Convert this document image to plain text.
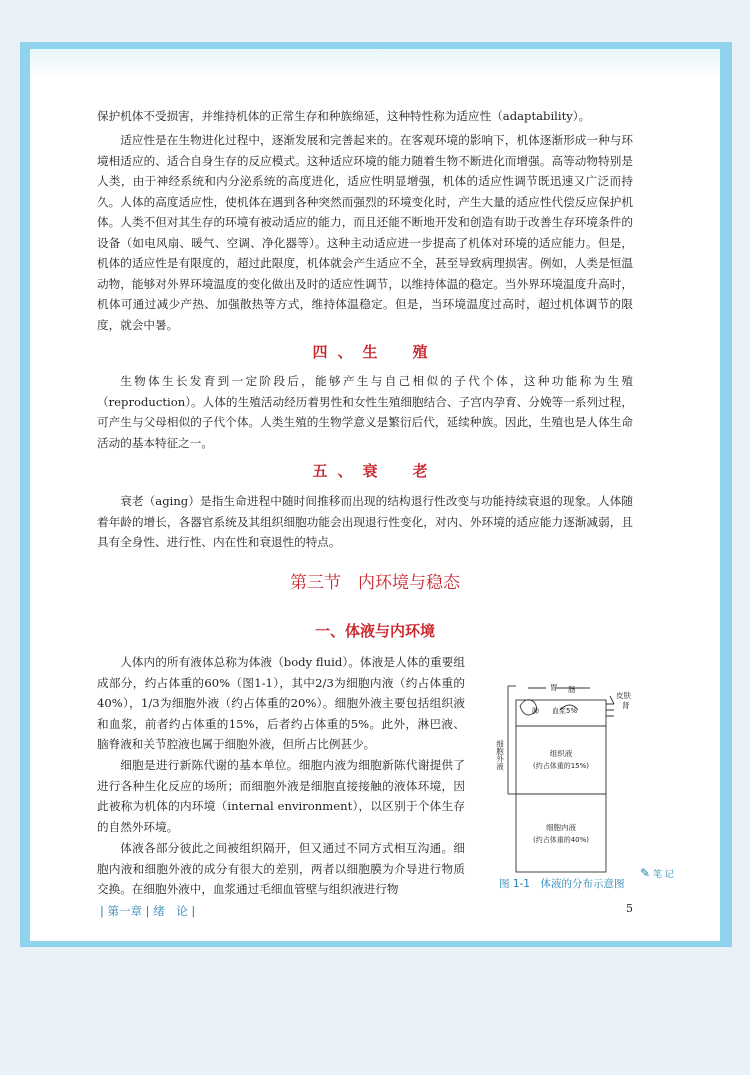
保护机体不受损害，并维持机体的正常生存和种族绵延，这种特性称为适应性（adaptability）。

适应性是在生物进化过程中，逐渐发展和完善起来的。在客观环境的影响下，机体逐渐形成一种与环境相适应的、适合自身生存的反应模式。这种适应环境的能力随着生物不断进化而增强。高等动物特别是人类，由于神经系统和内分泌系统的高度进化，适应性明显增强，机体的适应性调节既迅速又广泛而持久。人体的高度适应性，使机体在遇到各种突然而强烈的环境变化时，产生大量的适应性代偿反应保护机体。人类不但对其生存的环境有被动适应的能力，而且还能不断地开发和创造有助于改善生存环境条件的设备（如电风扇、暖气、空调、净化器等）。这种主动适应进一步提高了机体对环境的适应能力。但是，机体的适应性是有限度的，超过此限度，机体就会产生适应不全，甚至导致病理损害。例如，人类是恒温动物，能够对外界环境温度的变化做出及时的适应性调节，以维持体温的稳定。当外界环境温度升高时，机体可通过减少产热、加强散热等方式，维持体温稳定。但是，当环境温度过高时，超过机体调节的限度，就会中暑。

四、生　殖

生物体生长发育到一定阶段后，能够产生与自己相似的子代个体，这种功能称为生殖（reproduction）。人体的生殖活动经历着男性和女性生殖细胞结合、子宫内孕育、分娩等一系列过程，可产生与父母相似的子代个体。人类生殖的生物学意义是繁衍后代，延续种族。因此，生殖也是人体生命活动的基本特征之一。

五、衰　老

衰老（aging）是指生命进程中随时间推移而出现的结构退行性改变与功能持续衰退的现象。人体随着年龄的增长，各器官系统及其组织细胞功能会出现退行性变化，对内、外环境的适应能力逐渐减弱，且具有全身性、进行性、内在性和衰退性的特点。

第三节　内环境与稳态
一、体液与内环境

人体内的所有液体总称为体液（body fluid）。体液是人体的重要组成部分，约占体重的60%（图1-1），其中2/3为细胞内液（约占体重的40%），1/3为细胞外液（约占体重的20%）。细胞外液主要包括组织液和血浆，前者约占体重的15%，后者约占体重的5%。此外，淋巴液、脑脊液和关节腔液也属于细胞外液，但所占比例甚少。

细胞是进行新陈代谢的基本单位。细胞内液为细胞新陈代谢提供了进行各种生化反应的场所；而细胞外液是细胞直接接触的液体环境，因此被称为机体的内环境（internal environment），以区别于个体生存的自然外环境。

体液各部分彼此之间被组织隔开，但又通过不同方式相互沟通。细胞内液和细胞外液的成分有很大的差别，两者以细胞膜为介导进行物质交换。在细胞外液中，血浆通过毛细血管壁与组织液进行物

胃 肠
肺 血浆5%
皮肤
肾
细胞外液	组织液
(约占体重的15%)
细胞内液
(约占体重的40%)
图 1-1　体液的分布示意图
✎ 笔 记
| 第一章 | 绪　论 |	5
